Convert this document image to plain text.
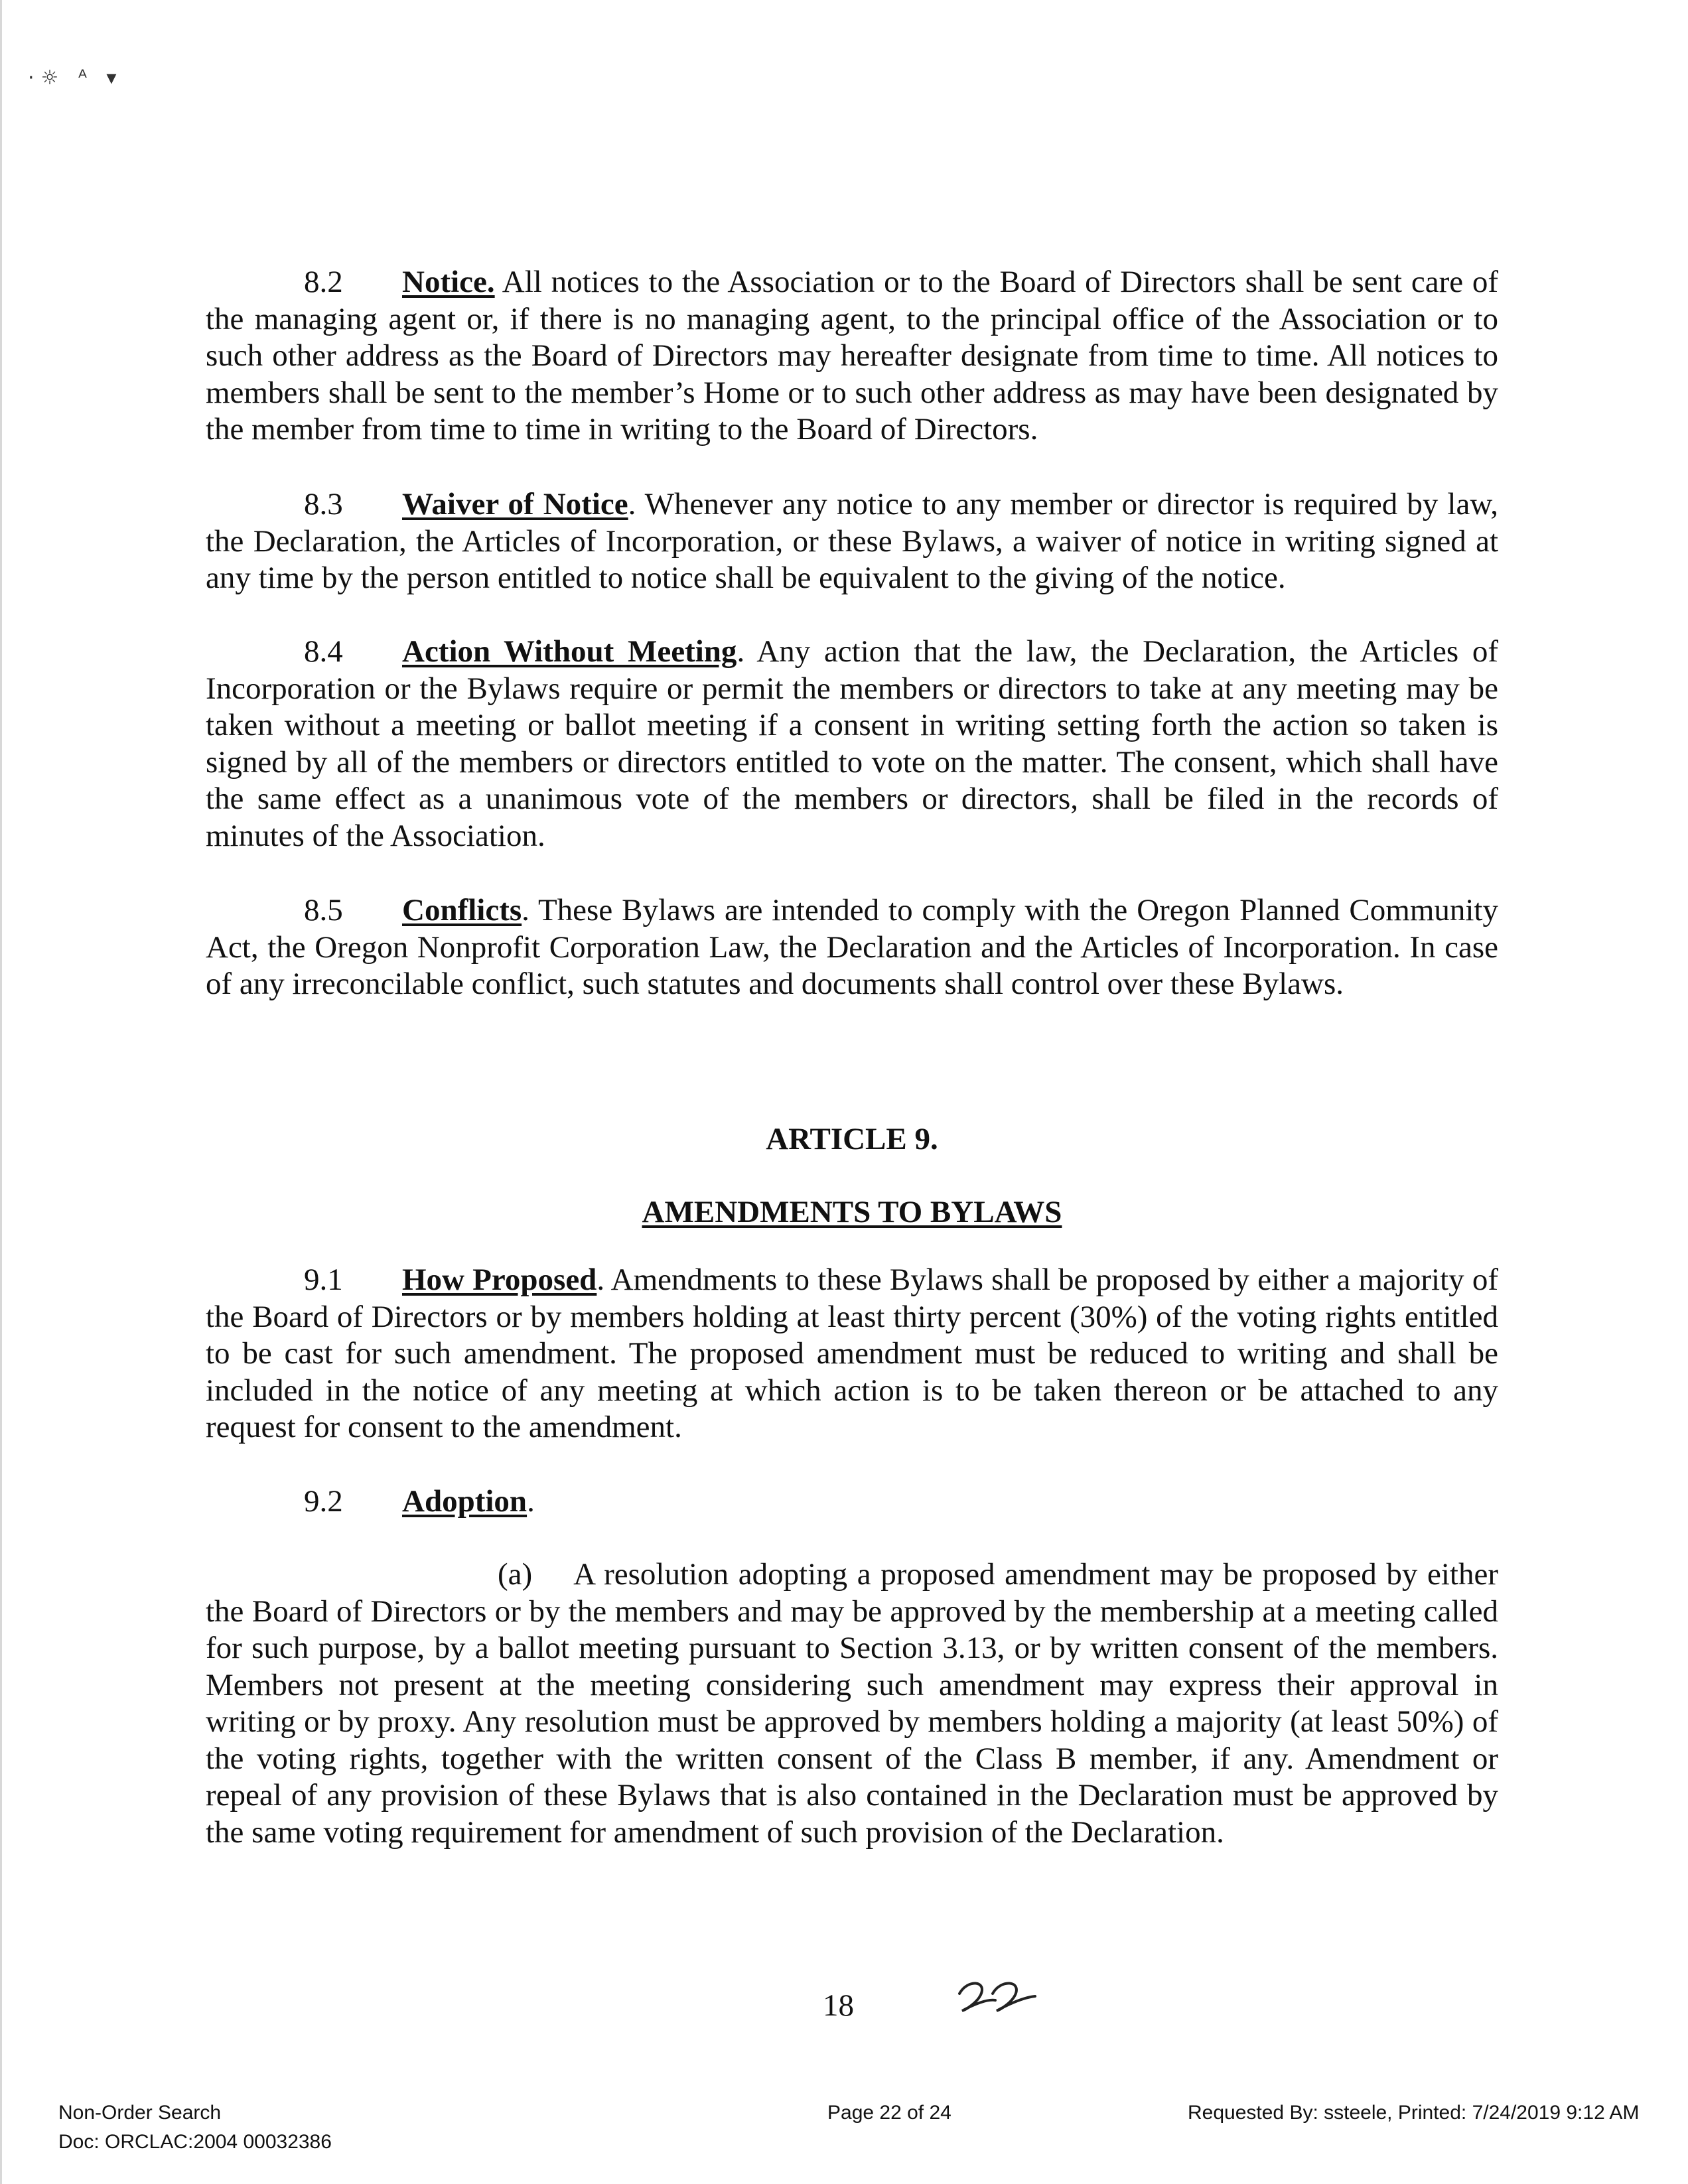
·☼ ᴬ ▾

8.2 Notice. All notices to the Association or to the Board of Directors shall be sent care of the managing agent or, if there is no managing agent, to the principal office of the Association or to such other address as the Board of Directors may hereafter designate from time to time. All notices to members shall be sent to the member’s Home or to such other address as may have been designated by the member from time to time in writing to the Board of Directors.

8.3 Waiver of Notice. Whenever any notice to any member or director is required by law, the Declaration, the Articles of Incorporation, or these Bylaws, a waiver of notice in writing signed at any time by the person entitled to notice shall be equivalent to the giving of the notice.

8.4 Action Without Meeting. Any action that the law, the Declaration, the Articles of Incorporation or the Bylaws require or permit the members or directors to take at any meeting may be taken without a meeting or ballot meeting if a consent in writing setting forth the action so taken is signed by all of the members or directors entitled to vote on the matter. The consent, which shall have the same effect as a unanimous vote of the members or directors, shall be filed in the records of minutes of the Association.

8.5 Conflicts. These Bylaws are intended to comply with the Oregon Planned Community Act, the Oregon Nonprofit Corporation Law, the Declaration and the Articles of Incorporation. In case of any irreconcilable conflict, such statutes and documents shall control over these Bylaws.

ARTICLE 9.
AMENDMENTS TO BYLAWS

9.1 How Proposed. Amendments to these Bylaws shall be proposed by either a majority of the Board of Directors or by members holding at least thirty percent (30%) of the voting rights entitled to be cast for such amendment. The proposed amendment must be reduced to writing and shall be included in the notice of any meeting at which action is to be taken thereon or be attached to any request for consent to the amendment.

9.2 Adoption.

(a) A resolution adopting a proposed amendment may be proposed by either the Board of Directors or by the members and may be approved by the membership at a meeting called for such purpose, by a ballot meeting pursuant to Section 3.13, or by written consent of the members. Members not present at the meeting considering such amendment may express their approval in writing or by proxy. Any resolution must be approved by members holding a majority (at least 50%) of the voting rights, together with the written consent of the Class B member, if any. Amendment or repeal of any provision of these Bylaws that is also contained in the Declaration must be approved by the same voting requirement for amendment of such provision of the Declaration.

18
Non-Order Search
Doc: ORCLAC:2004 00032386
Page 22 of 24	Requested By: ssteele, Printed: 7/24/2019 9:12 AM
